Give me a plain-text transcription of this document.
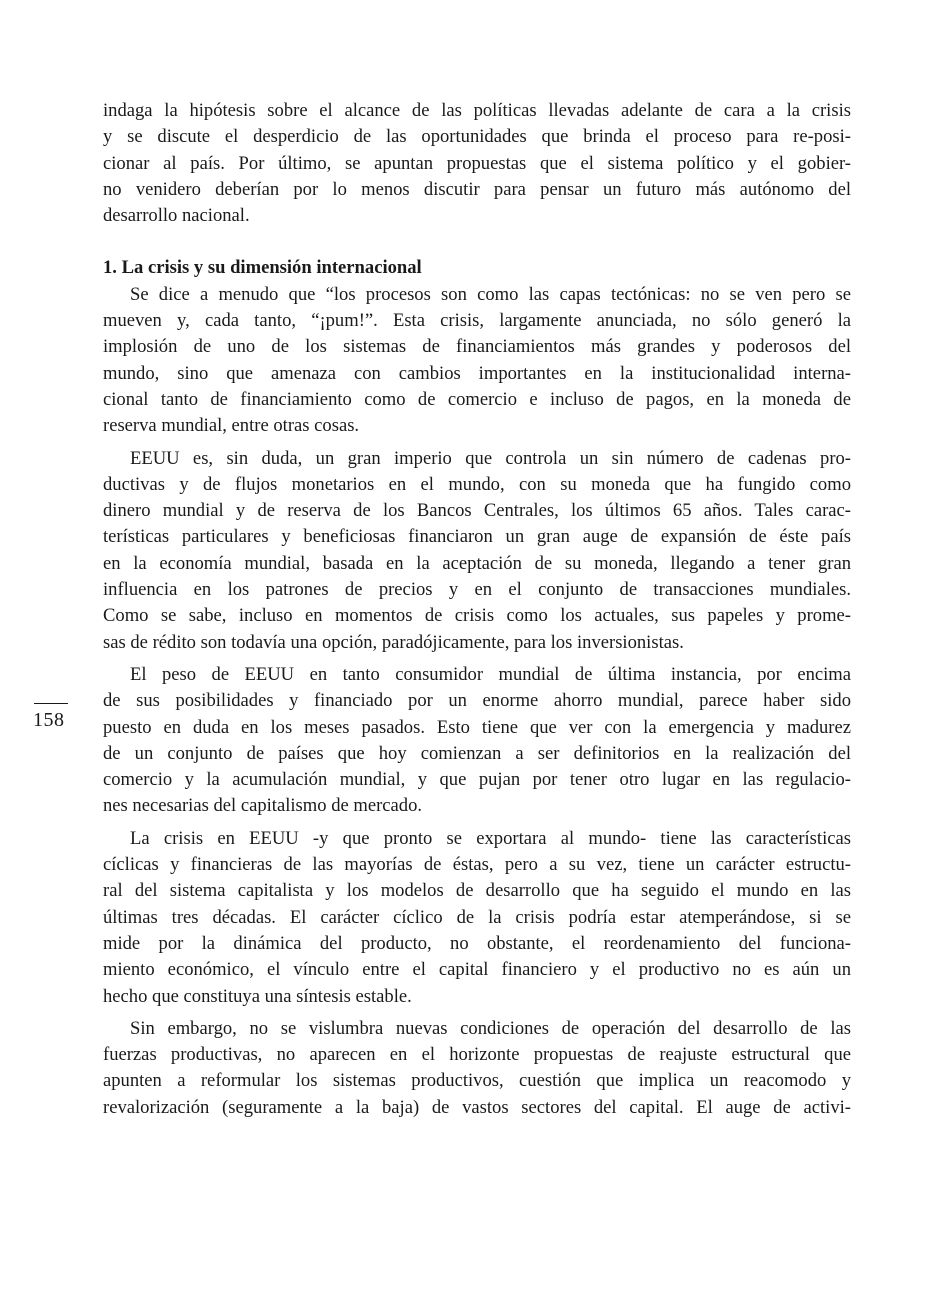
158
indaga la hipótesis sobre el alcance de las políticas llevadas adelante de cara a la crisis
y se discute el desperdicio de las oportunidades que brinda el proceso para re-posi-
cionar al país. Por último, se apuntan propuestas que el sistema político y el gobier-
no venidero deberían por lo menos discutir para pensar un futuro más autónomo del
desarrollo nacional.
1. La crisis y su dimensión internacional
Se dice a menudo que “los procesos son como las capas tectónicas: no se ven pero se
mueven y, cada tanto, “¡pum!”. Esta crisis, largamente anunciada, no sólo generó la
implosión de uno de los sistemas de financiamientos más grandes y poderosos del
mundo, sino que amenaza con cambios importantes en la institucionalidad interna-
cional tanto de financiamiento como de comercio e incluso de pagos, en la moneda de
reserva mundial, entre otras cosas.
EEUU es, sin duda, un gran imperio que controla un sin número de cadenas pro-
ductivas y de flujos monetarios en el mundo, con su moneda que ha fungido como
dinero mundial y de reserva de los Bancos Centrales, los últimos 65 años. Tales carac-
terísticas particulares y beneficiosas financiaron un gran auge de expansión de éste país
en la economía mundial, basada en la aceptación de su moneda, llegando a tener gran
influencia en los patrones de precios y en el conjunto de transacciones mundiales.
Como se sabe, incluso en momentos de crisis como los actuales, sus papeles y prome-
sas de rédito son todavía una opción, paradójicamente, para los inversionistas.
El peso de EEUU en tanto consumidor mundial de última instancia, por encima
de sus posibilidades y financiado por un enorme ahorro mundial, parece haber sido
puesto en duda en los meses pasados. Esto tiene que ver con la emergencia y madurez
de un conjunto de países que hoy comienzan a ser definitorios en la realización del
comercio y la acumulación mundial, y que pujan por tener otro lugar en las regulacio-
nes necesarias del capitalismo de mercado.
La crisis en EEUU -y que pronto se exportara al mundo- tiene las características
cíclicas y financieras de las mayorías de éstas, pero a su vez, tiene un carácter estructu-
ral del sistema capitalista y los modelos de desarrollo que ha seguido el mundo en las
últimas tres décadas. El carácter cíclico de la crisis podría estar atemperándose, si se
mide por la dinámica del producto, no obstante, el reordenamiento del funciona-
miento económico, el vínculo entre el capital financiero y el productivo no es aún un
hecho que constituya una síntesis estable.
Sin embargo, no se vislumbra nuevas condiciones de operación del desarrollo de las
fuerzas productivas, no aparecen en el horizonte propuestas de reajuste estructural que
apunten a reformular los sistemas productivos, cuestión que implica un reacomodo y
revalorización (seguramente a la baja) de vastos sectores del capital. El auge de activi-
